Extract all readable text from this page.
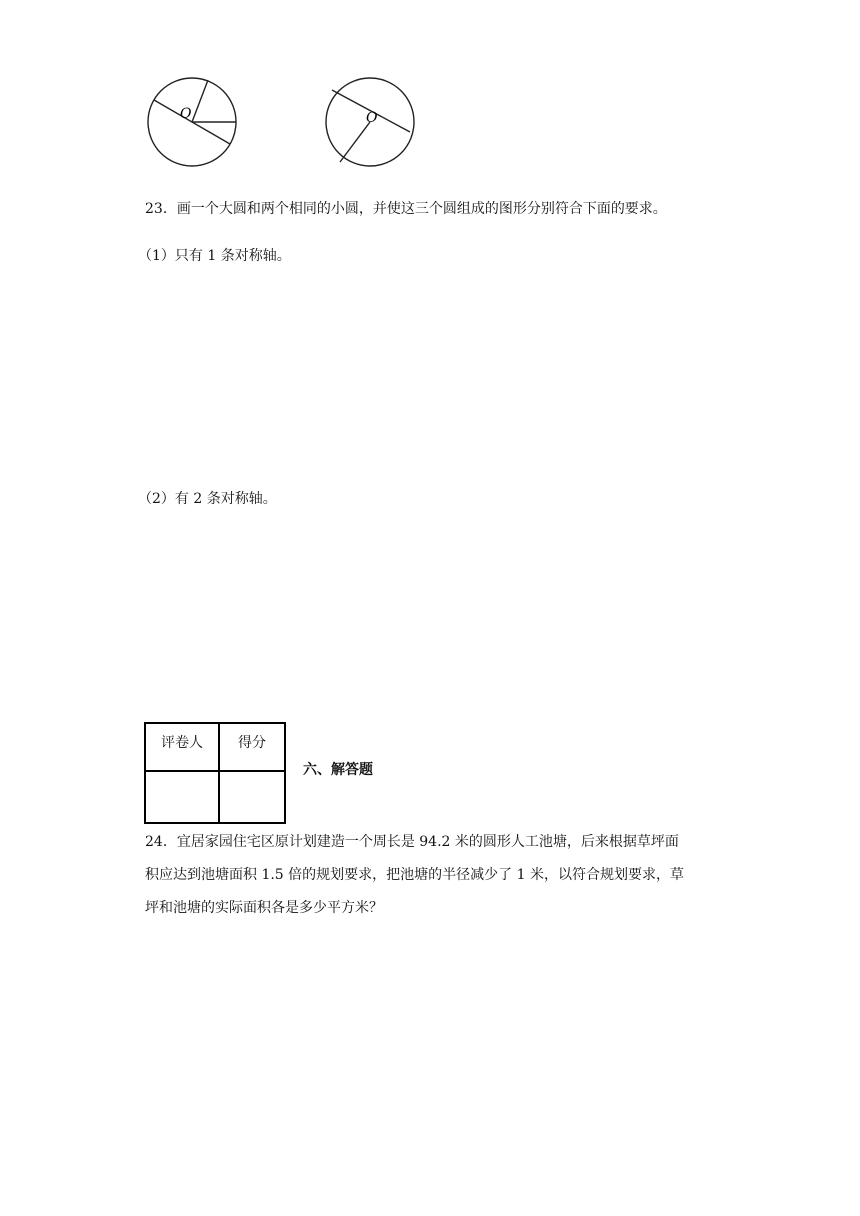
O	O
23．画一个大圆和两个相同的小圆，并使这三个圆组成的图形分别符合下面的要求。
（1）只有 1 条对称轴。
（2）有 2 条对称轴。
评卷人	得分

六、解答题
24．宜居家园住宅区原计划建造一个周长是 94.2 米的圆形人工池塘，后来根据草坪面
积应达到池塘面积 1.5 倍的规划要求，把池塘的半径减少了 1 米，以符合规划要求，草
坪和池塘的实际面积各是多少平方米？
